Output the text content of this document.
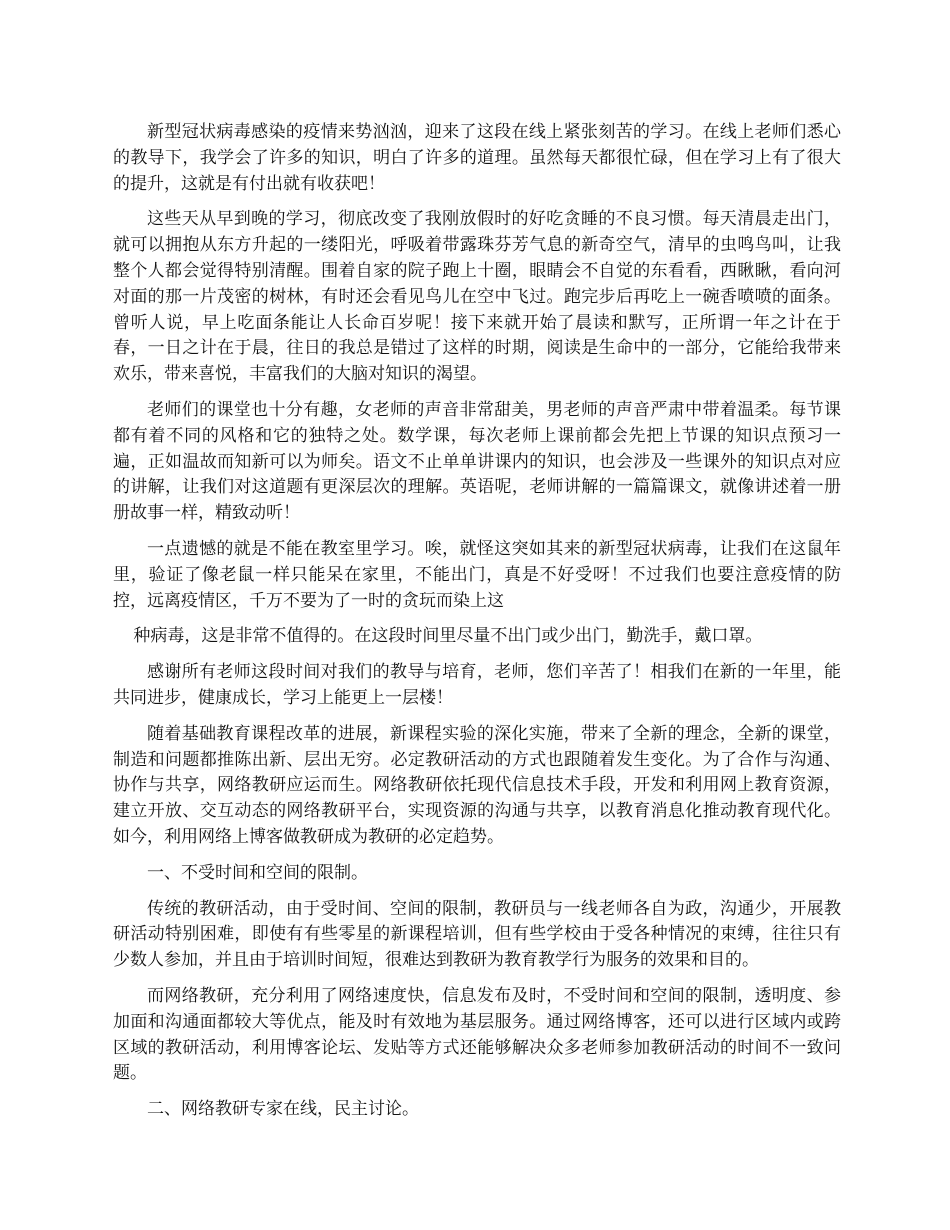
新型冠状病毒感染的疫情来势汹汹，迎来了这段在线上紧张刻苦的学习。在线上老师们悉心的教导下，我学会了许多的知识，明白了许多的道理。虽然每天都很忙碌，但在学习上有了很大的提升，这就是有付出就有收获吧！

这些天从早到晚的学习，彻底改变了我刚放假时的好吃贪睡的不良习惯。每天清晨走出门，就可以拥抱从东方升起的一缕阳光，呼吸着带露珠芬芳气息的新奇空气，清早的虫鸣鸟叫，让我整个人都会觉得特别清醒。围着自家的院子跑上十圈，眼睛会不自觉的东看看，西瞅瞅，看向河对面的那一片茂密的树林，有时还会看见鸟儿在空中飞过。跑完步后再吃上一碗香喷喷的面条。曾听人说，早上吃面条能让人长命百岁呢！接下来就开始了晨读和默写，正所谓一年之计在于春，一日之计在于晨，往日的我总是错过了这样的时期，阅读是生命中的一部分，它能给我带来欢乐，带来喜悦，丰富我们的大脑对知识的渴望。

老师们的课堂也十分有趣，女老师的声音非常甜美，男老师的声音严肃中带着温柔。每节课都有着不同的风格和它的独特之处。数学课，每次老师上课前都会先把上节课的知识点预习一遍，正如温故而知新可以为师矣。语文不止单单讲课内的知识，也会涉及一些课外的知识点对应的讲解，让我们对这道题有更深层次的理解。英语呢，老师讲解的一篇篇课文，就像讲述着一册册故事一样，精致动听！

一点遗憾的就是不能在教室里学习。唉，就怪这突如其来的新型冠状病毒，让我们在这鼠年里，验证了像老鼠一样只能呆在家里，不能出门，真是不好受呀！不过我们也要注意疫情的防控，远离疫情区，千万不要为了一时的贪玩而染上这

种病毒，这是非常不值得的。在这段时间里尽量不出门或少出门，勤洗手，戴口罩。

感谢所有老师这段时间对我们的教导与培育，老师，您们辛苦了！相我们在新的一年里，能共同进步，健康成长，学习上能更上一层楼！

随着基础教育课程改革的进展，新课程实验的深化实施，带来了全新的理念，全新的课堂，制造和问题都推陈出新、层出无穷。必定教研活动的方式也跟随着发生变化。为了合作与沟通、协作与共享，网络教研应运而生。网络教研依托现代信息技术手段，开发和利用网上教育资源，建立开放、交互动态的网络教研平台，实现资源的沟通与共享，以教育消息化推动教育现代化。如今，利用网络上博客做教研成为教研的必定趋势。

一、不受时间和空间的限制。

传统的教研活动，由于受时间、空间的限制，教研员与一线老师各自为政，沟通少，开展教研活动特别困难，即使有有些零星的新课程培训，但有些学校由于受各种情况的束缚，往往只有少数人参加，并且由于培训时间短，很难达到教研为教育教学行为服务的效果和目的。

而网络教研，充分利用了网络速度快，信息发布及时，不受时间和空间的限制，透明度、参加面和沟通面都较大等优点，能及时有效地为基层服务。通过网络博客，还可以进行区域内或跨区域的教研活动，利用博客论坛、发贴等方式还能够解决众多老师参加教研活动的时间不一致问题。

二、网络教研专家在线，民主讨论。
